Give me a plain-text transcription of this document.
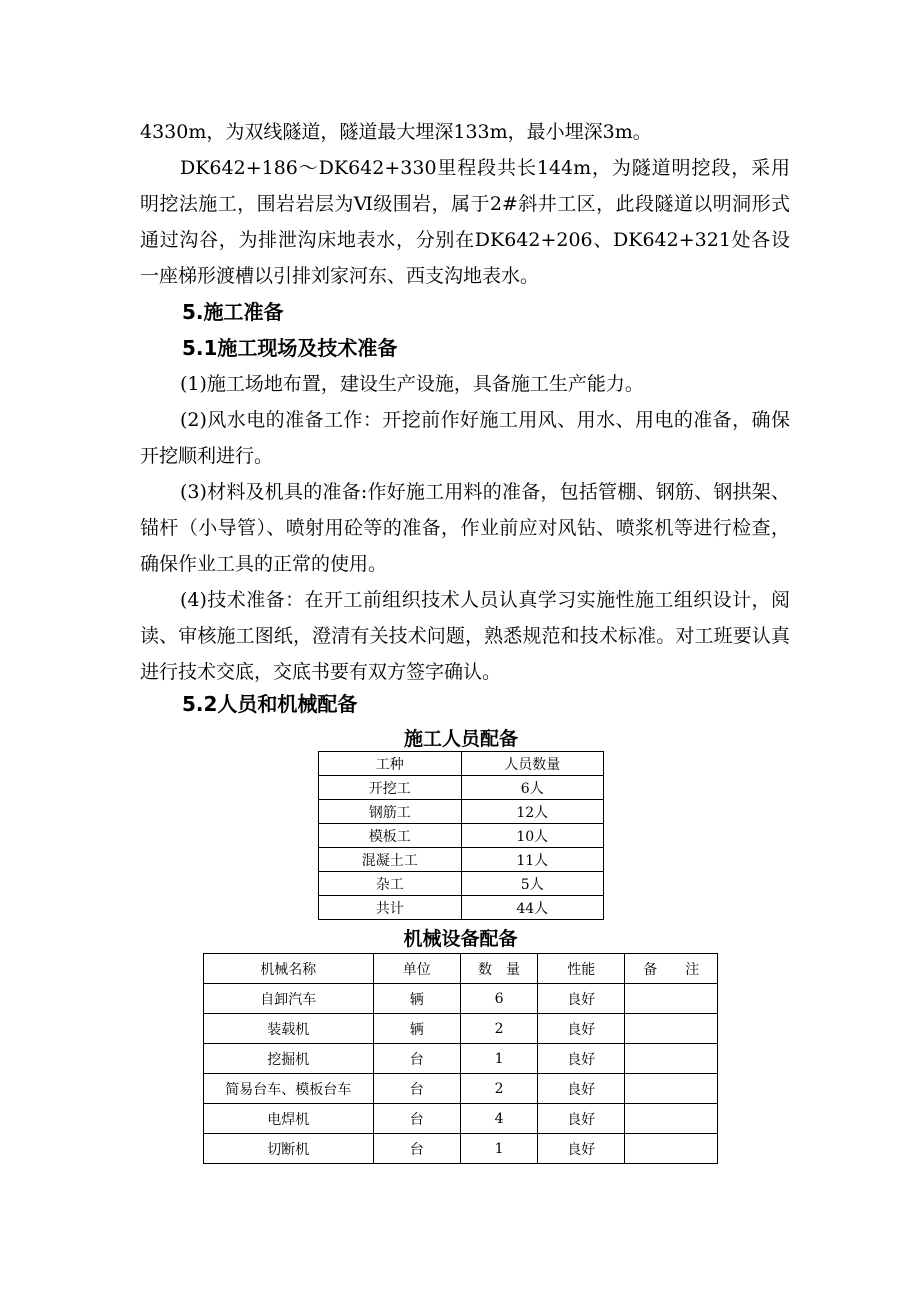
4330m，为双线隧道，隧道最大埋深133m，最小埋深3m。

DK642+186～DK642+330里程段共长144m，为隧道明挖段，采用明挖法施工，围岩岩层为Ⅵ级围岩，属于2#斜井工区，此段隧道以明洞形式通过沟谷，为排泄沟床地表水，分别在DK642+206、DK642+321处各设一座梯形渡槽以引排刘家河东、西支沟地表水。

5.施工准备

5.1施工现场及技术准备

(1)施工场地布置，建设生产设施，具备施工生产能力。

(2)风水电的准备工作：开挖前作好施工用风、用水、用电的准备，确保开挖顺利进行。

(3)材料及机具的准备:作好施工用料的准备，包括管棚、钢筋、钢拱架、锚杆（小导管）、喷射用砼等的准备，作业前应对风钻、喷浆机等进行检查，确保作业工具的正常的使用。

(4)技术准备：在开工前组织技术人员认真学习实施性施工组织设计，阅读、审核施工图纸，澄清有关技术问题，熟悉规范和技术标准。对工班要认真进行技术交底，交底书要有双方签字确认。

5.2人员和机械配备

施工人员配备

工种	人员数量
开挖工	6人
钢筋工	12人
模板工	10人
混凝土工	11人
杂工	5人
共计	44人

机械设备配备

机械名称	单位	数　量	性能	备　　注
自卸汽车	辆	6	良好	
装载机	辆	2	良好	
挖掘机	台	1	良好	
简易台车、模板台车	台	2	良好	
电焊机	台	4	良好	
切断机	台	1	良好	
